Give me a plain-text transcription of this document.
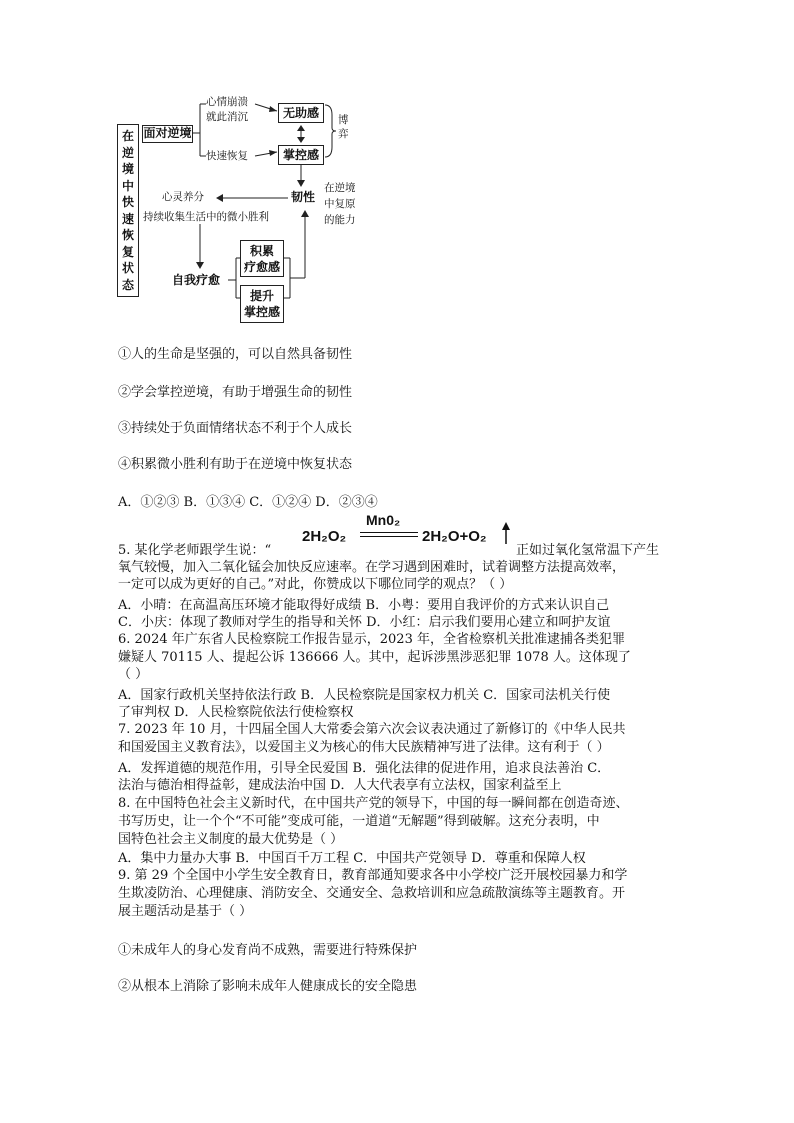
在
逆
境
中
快
速
恢
复
状
态
面对逆境
心情崩溃
就此消沉	无助感	博
弈
快速恢复	掌控感
韧性
在逆境
中复原
的能力
心灵养分
持续收集生活中的微小胜利
自我疗愈
积累
疗愈感
提升
掌控感
①人的生命是坚强的，可以自然具备韧性
②学会掌控逆境，有助于增强生命的韧性
③持续处于负面情绪状态不利于个人成长
④积累微小胜利有助于在逆境中恢复状态
A．①②③ B．①③④ C．①②④ D．②③④
5. 某化学老师跟学生说：“
2H₂O₂
Mn0₂
2H₂O+O₂
正如过氧化氢常温下产生
氧气较慢，加入二氧化锰会加快反应速率。在学习遇到困难时，试着调整方法提高效率，
一定可以成为更好的自己。”对此，你赞成以下哪位同学的观点？（ ）
A．小晴：在高温高压环境才能取得好成绩 B．小粤：要用自我评价的方式来认识自己
C．小庆：体现了教师对学生的指导和关怀 D．小红：启示我们要用心建立和呵护友谊
6. 2024 年广东省人民检察院工作报告显示，2023 年，全省检察机关批准逮捕各类犯罪
嫌疑人 70115 人、提起公诉 136666 人。其中，起诉涉黑涉恶犯罪 1078 人。这体现了
（ ）
A．国家行政机关坚持依法行政 B．人民检察院是国家权力机关 C．国家司法机关行使
了审判权 D．人民检察院依法行使检察权
7. 2023 年 10 月，十四届全国人大常委会第六次会议表决通过了新修订的《中华人民共
和国爱国主义教育法》，以爱国主义为核心的伟大民族精神写进了法律。这有利于（ ）
A．发挥道德的规范作用，引导全民爱国 B．强化法律的促进作用，追求良法善治 C．
法治与德治相得益彰，建成法治中国 D．人大代表享有立法权，国家利益至上
8. 在中国特色社会主义新时代，在中国共产党的领导下，中国的每一瞬间都在创造奇迹、
书写历史，让一个个“不可能”变成可能，一道道“无解题”得到破解。这充分表明，中
国特色社会主义制度的最大优势是（ ）
A．集中力量办大事 B．中国百千万工程 C．中国共产党领导 D．尊重和保障人权
9. 第 29 个全国中小学生安全教育日，教育部通知要求各中小学校广泛开展校园暴力和学
生欺凌防治、心理健康、消防安全、交通安全、急救培训和应急疏散演练等主题教育。开
展主题活动是基于（ ）
①未成年人的身心发育尚不成熟，需要进行特殊保护
②从根本上消除了影响未成年人健康成长的安全隐患
